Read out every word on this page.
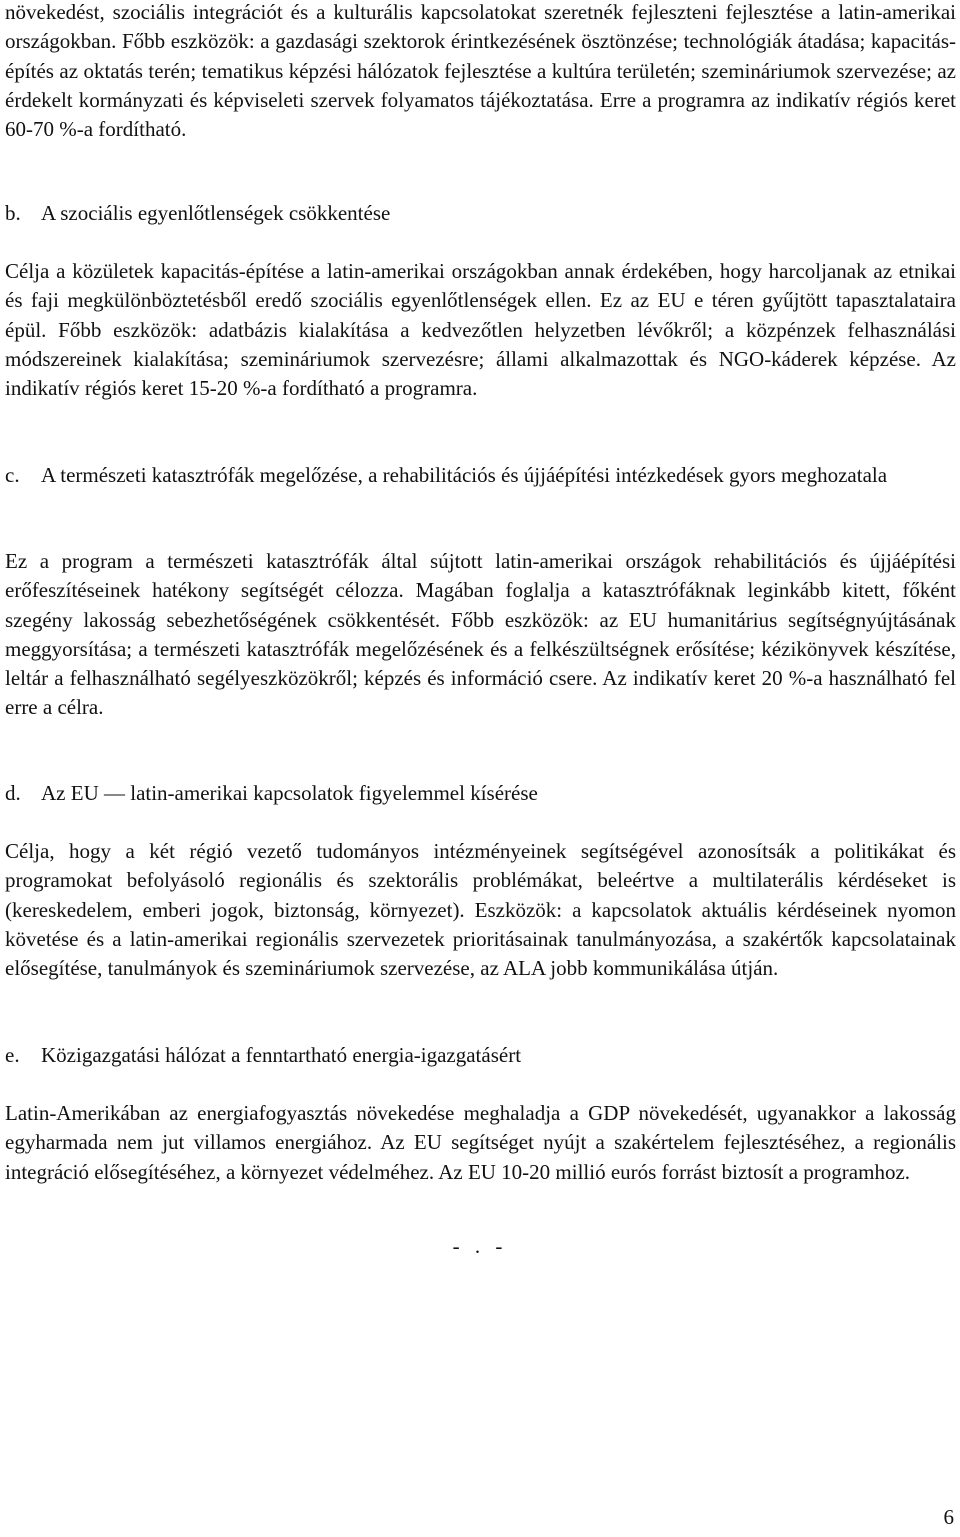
növekedést, szociális integrációt és a kulturális kapcsolatokat szeretnék fejleszteni fejlesztése a latin-amerikai országokban. Főbb eszközök: a gazdasági szektorok érintkezésének ösztönzése; technológiák átadása; kapacitás-építés az oktatás terén; tematikus képzési hálózatok fejlesztése a kultúra területén; szemináriumok szervezése; az érdekelt kormányzati és képviseleti szervek folyamatos tájékoztatása. Erre a programra az indikatív régiós keret 60-70 %-a fordítható.

b. A szociális egyenlőtlenségek csökkentése

Célja a közületek kapacitás-építése a latin-amerikai országokban annak érdekében, hogy harcoljanak az etnikai és faji megkülönböztetésből eredő szociális egyenlőtlenségek ellen. Ez az EU e téren gyűjtött tapasztalataira épül. Főbb eszközök: adatbázis kialakítása a kedvezőtlen helyzetben lévőkről; a közpénzek felhasználási módszereinek kialakítása; szemináriumok szervezésre; állami alkalmazottak és NGO-káderek képzése. Az indikatív régiós keret 15-20 %-a fordítható a programra.

c. A természeti katasztrófák megelőzése, a rehabilitációs és újjáépítési intézkedések gyors meghozatala

Ez a program a természeti katasztrófák által sújtott latin-amerikai országok rehabilitációs és újjáépítési erőfeszítéseinek hatékony segítségét célozza. Magában foglalja a katasztrófáknak leginkább kitett, főként szegény lakosság sebezhetőségének csökkentését. Főbb eszközök: az EU humanitárius segítségnyújtásának meggyorsítása; a természeti katasztrófák megelőzésének és a felkészültségnek erősítése; kézikönyvek készítése, leltár a felhasználható segélyeszközökről; képzés és információ csere. Az indikatív keret 20 %-a használható fel erre a célra.

d. Az EU — latin-amerikai kapcsolatok figyelemmel kísérése

Célja, hogy a két régió vezető tudományos intézményeinek segítségével azonosítsák a politikákat és programokat befolyásoló regionális és szektorális problémákat, beleértve a multilaterális kérdéseket is (kereskedelem, emberi jogok, biztonság, környezet). Eszközök: a kapcsolatok aktuális kérdéseinek nyomon követése és a latin-amerikai regionális szervezetek prioritásainak tanulmányozása, a szakértők kapcsolatainak elősegítése, tanulmányok és szemináriumok szervezése, az ALA jobb kommunikálása útján.

e. Közigazgatási hálózat a fenntartható energia-igazgatásért

Latin-Amerikában az energiafogyasztás növekedése meghaladja a GDP növekedését, ugyanakkor a lakosság egyharmada nem jut villamos energiához. Az EU segítséget nyújt a szakértelem fejlesztéséhez, a regionális integráció elősegítéséhez, a környezet védelméhez. Az EU 10-20 millió eurós forrást biztosít a programhoz.

- . -
6
